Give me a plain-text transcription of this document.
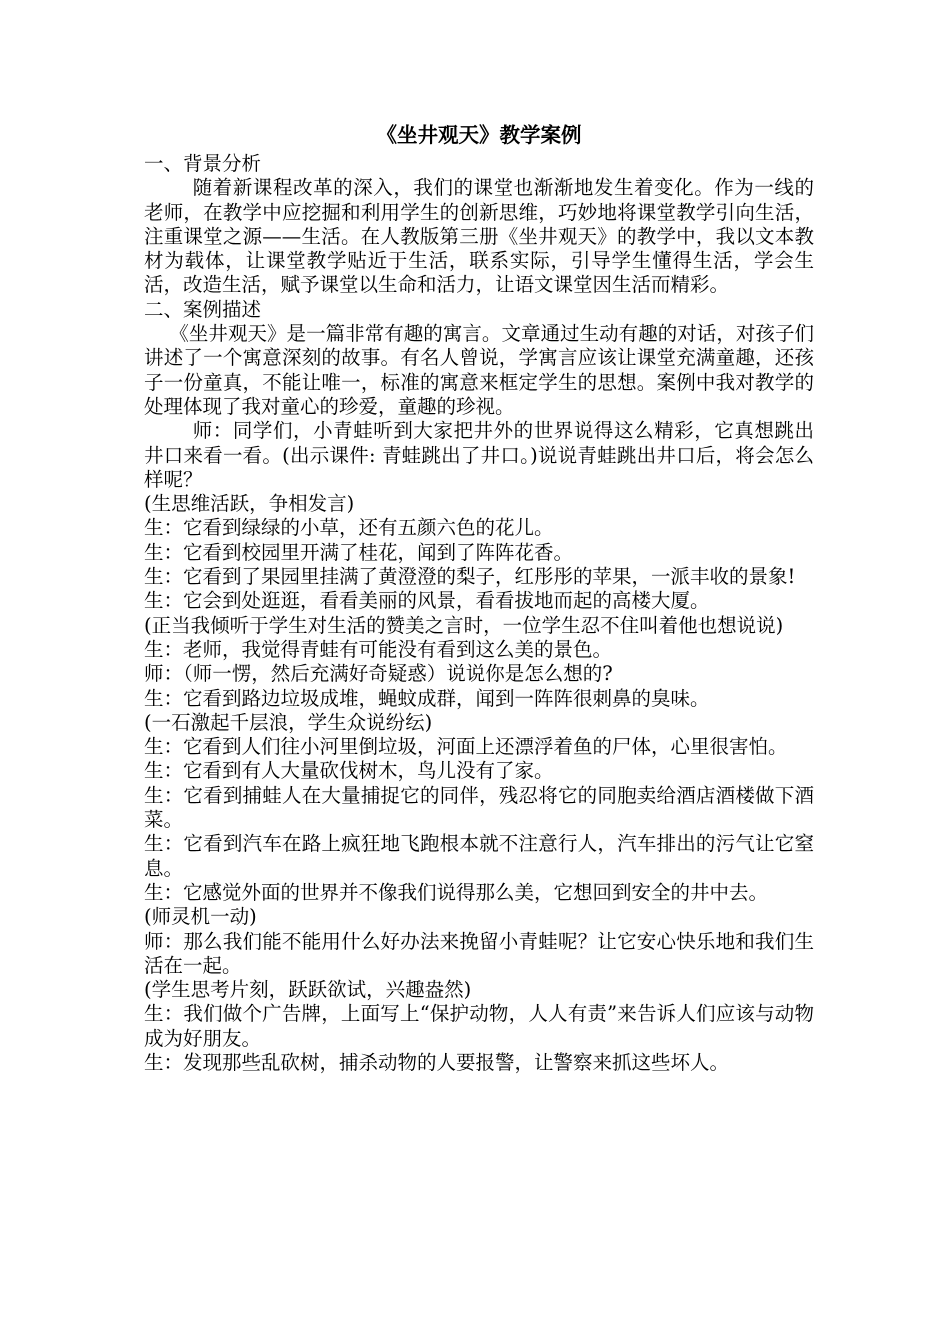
《坐井观天》教学案例
一、背景分析
随着新课程改革的深入，我们的课堂也渐渐地发生着变化。作为一线的老师，在教学中应挖掘和利用学生的创新思维，巧妙地将课堂教学引向生活，注重课堂之源——生活。在人教版第三册《坐井观天》的教学中，我以文本教材为载体，让课堂教学贴近于生活，联系实际，引导学生懂得生活，学会生活，改造生活，赋予课堂以生命和活力，让语文课堂因生活而精彩。
二、案例描述
《坐井观天》是一篇非常有趣的寓言。文章通过生动有趣的对话，对孩子们讲述了一个寓意深刻的故事。有名人曾说，学寓言应该让课堂充满童趣，还孩子一份童真，不能让唯一，标准的寓意来框定学生的思想。案例中我对教学的处理体现了我对童心的珍爱，童趣的珍视。
师：同学们，小青蛙听到大家把井外的世界说得这么精彩，它真想跳出井口来看一看。(出示课件: 青蛙跳出了井口。)说说青蛙跳出井口后，将会怎么样呢？
(生思维活跃，争相发言)
生：它看到绿绿的小草，还有五颜六色的花儿。
生：它看到校园里开满了桂花，闻到了阵阵花香。
生：它看到了果园里挂满了黄澄澄的梨子，红彤彤的苹果，一派丰收的景象!
生：它会到处逛逛，看看美丽的风景，看看拔地而起的高楼大厦。
(正当我倾听于学生对生活的赞美之言时，一位学生忍不住叫着他也想说说)
生：老师，我觉得青蛙有可能没有看到这么美的景色。
师：（师一愣，然后充满好奇疑惑）说说你是怎么想的?
生：它看到路边垃圾成堆，蝇蚊成群，闻到一阵阵很刺鼻的臭味。
(一石激起千层浪，学生众说纷纭)
生：它看到人们往小河里倒垃圾，河面上还漂浮着鱼的尸体，心里很害怕。
生：它看到有人大量砍伐树木，鸟儿没有了家。
生：它看到捕蛙人在大量捕捉它的同伴，残忍将它的同胞卖给酒店酒楼做下酒菜。
生：它看到汽车在路上疯狂地飞跑根本就不注意行人，汽车排出的污气让它窒息。
生：它感觉外面的世界并不像我们说得那么美，它想回到安全的井中去。
(师灵机一动)
师：那么我们能不能用什么好办法来挽留小青蛙呢？让它安心快乐地和我们生活在一起。
(学生思考片刻，跃跃欲试，兴趣盎然)
生：我们做个广告牌，上面写上“保护动物，人人有责”来告诉人们应该与动物成为好朋友。
生：发现那些乱砍树，捕杀动物的人要报警，让警察来抓这些坏人。
